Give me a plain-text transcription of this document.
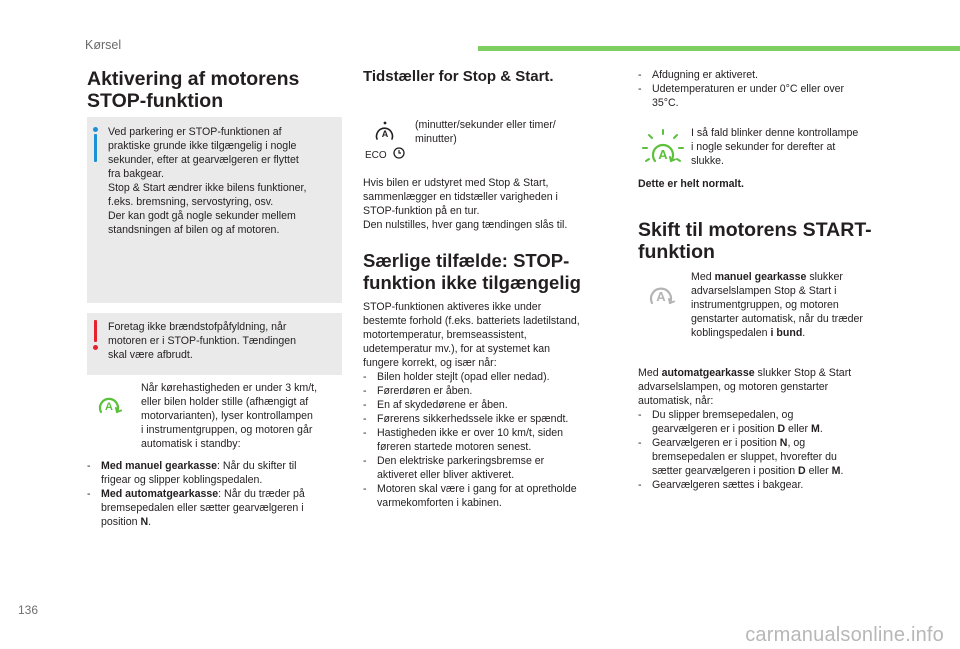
Kørsel
136
carmanualsonline.info
Aktivering af motorens
STOP-funktion
Ved parkering er STOP-funktionen af
praktiske grunde ikke tilgængelig i nogle
sekunder, efter at gearvælgeren er flyttet
fra bakgear.
Stop & Start ændrer ikke bilens funktioner,
f.eks. bremsning, servostyring, osv.
Der kan godt gå nogle sekunder mellem
standsningen af bilen og af motoren.
Foretag ikke brændstofpåfyldning, når
motoren er i STOP-funktion. Tændingen
skal være afbrudt.
A
Når kørehastigheden er under 3 km/t,
eller bilen holder stille (afhængigt af
motorvarianten), lyser kontrollampen
i instrumentgruppen, og motoren går
automatisk i standby:
- Med manuel gearkasse: Når du skifter til
frigear og slipper koblingspedalen.
- Med automatgearkasse: Når du træder på
bremsepedalen eller sætter gearvælgeren i
position N.
Tidstæller for Stop & Start.
A
ECO
(minutter/sekunder eller timer/
minutter)
Hvis bilen er udstyret med Stop & Start,
sammenlægger en tidstæller varigheden i
STOP-funktion på en tur.
Den nulstilles, hver gang tændingen slås til.
Særlige tilfælde: STOP-
funktion ikke tilgængelig
STOP-funktionen aktiveres ikke under
bestemte forhold (f.eks. batteriets ladetilstand,
motortemperatur, bremseassistent,
udetemperatur mv.), for at systemet kan
fungere korrekt, og især når:
- Bilen holder stejlt (opad eller nedad).
- Førerdøren er åben.
- En af skydedørene er åben.
- Førerens sikkerhedssele ikke er spændt.
- Hastigheden ikke er over 10 km/t, siden
føreren startede motoren senest.
- Den elektriske parkeringsbremse er
aktiveret eller bliver aktiveret.
- Motoren skal være i gang for at opretholde
varmekomforten i kabinen.
- Afdugning er aktiveret.
- Udetemperaturen er under 0°C eller over
35°C.
A
I så fald blinker denne kontrollampe
i nogle sekunder for derefter at
slukke.
Dette er helt normalt.
Skift til motorens START-
funktion
A
Med manuel gearkasse slukker
advarselslampen Stop & Start i
instrumentgruppen, og motoren
genstarter automatisk, når du træder
koblingspedalen i bund.
Med automatgearkasse slukker Stop & Start
advarselslampen, og motoren genstarter
automatisk, når:
- Du slipper bremsepedalen, og
gearvælgeren er i position D eller M.
- Gearvælgeren er i position N, og
bremsepedalen er sluppet, hvorefter du
sætter gearvælgeren i position D eller M.
- Gearvælgeren sættes i bakgear.
